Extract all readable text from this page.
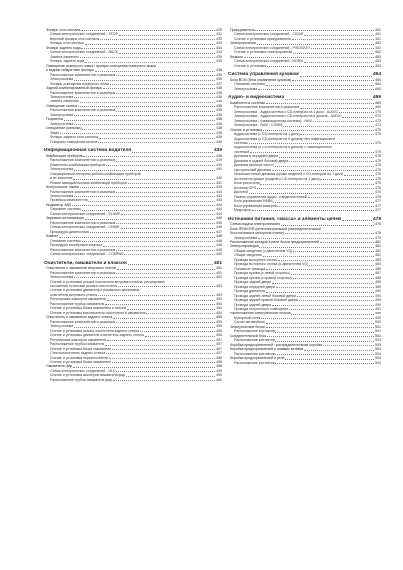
Фонарь стоп-сигнала	429
Схема электрических соединений - STOP	431
Верхний фонарь стоп-сигнала	433
Фонарь стоп-сигнала	433
Фонари заднего хода	434
Схема электрических соединений - BACK	434
Замена лампочек	435
Фонарь заднего хода	435
Освещение номерного знака / фонари освещения номерного знака
и задние габаритные фонари	436
Расположение компонентов и разъемов	436
Электросхема	436
Фонарь освещения номерного знака	437
Задний комбинированный фонарь	438
Расположение компонентов и разъемов	438
Электросхема	438
Замена лампочек	438
Освещение салона	438
Расположение компонентов и разъемов	438
Электросхема	438
Подсветка	438
Электросхема	438
Спецсигнал (мигалка)	438
Фары	438
Фонарь заднего стоп-сигнала	438
Плафоны освещения салона	438
Информационная система водителя	439
Комбинация приборов	439
Расположение компонентов и разъемов	439
Комплекты комбинации приборов	439
Электросхема	440
Операционный алгоритм работы комбинации приборов
и их значение	440
Режим самодиагностики комбинации приборов	441
Контрольные лампы	443
Расположение компонентов и разъемов	443
Электросхема	443
Проверка компонентов	443
Индикатор ABS	444
Описание системы	444
Схема электрических соединений - ELAMP	444
Звуковая сигнализация	445
Расположение компонентов и разъемов	445
Схема электрических соединений - CHIME	446
Процедура диагностики	447
Компас	448
Описание системы	448
Процедура калибровки компаса	448
Расположение компонентов и разъемов	448
Схема электрических соединений - COMPAS	449
Очистители, омыватели и клаксон	451
Очистители и омыватели ветрового стекла	451
Расположение компонентов и разъемов	451
Электросхема	452
Снятие и установка рычага очистителя ветрового стекла, регулировка
положения остановки рычага очистителя	453
Снятие и установка двигателя и рычажного механизма
очистителя ветрового стекла	453
Регулировка жиклеров омывателя	453
Расположение трубок омывателя	454
Снятие и установка бачка омывателя и насоса	454
Снятие и установка выключателя очистителя и омывателя	454
Очиститель и омыватель заднего стекла	455
Расположение компонентов и разъемов	455
Электросхема	455
Снятие и установка рычага очистителя заднего стекла	456
Снятие и установка двигателя очистителя заднего стекла	456
Регулировка жиклеров омывателя	457
Расположение трубок омывателя	457
Снятие и установка бачка омывателя	457
Стеклоочиститель заднего стекла	457
Снятие и установка переключателя	458
Снятие и установка бачка омывателя	458
Омыватели фар	458
Схема электрических соединений - HLC	459
Снятие и установка жиклеров омывателя фар	459
Расположение трубок омывателя фар	460
Прикуриватель	461
Схема электрических соединений - CIGAR	461
Снятие и установка прикуривателя	461
Электророзетка	462
Схема электрических соединений - P/SOCKET	462
Снятие и установка электророзетки	462
Клаксон	463
Схема электрических соединений - HORN	463
Снятие и установка	463
Система управления кузовом	464
Блок BCM (блок управления кузовом)	464
Описание системы	464
Электросхема	465
Аудио- и видеосистема	469
Компоненты системы	469
Расположение компонентов и разъемов	469
Электросхема - Аудиосистема с CD-плеером на 1 диск - AUDIO	470
Электросхема - Аудиосистема с CD-плеером на 6 дисков - AUDIO	471
Электросхема - (навигационная система) - NAVI	472
Электросхема - NAVI / COMM	473
Снятие и установка	475
Аудиосистема (с CD-плеером на 1 диск)	475
Аудиосистема (с CD-плеером на 6 дисков) без навигационной
системы	475
Аудиосистема (с CD-плеером на 6 дисков) с навигационной
системой	475
Динамик в передней двери	475
Динамик в задней боковой двери	475
Динамик высоких частот	475
Центральный динамик	475
Низкочастотный динамик (кроме моделей с CD-плеером на 1 диск)	476
Антенна на крыше (модели с CD-плеером на 1 диск)	476
Блок усилителя	476
Антенна GPS	476
Дисплей	476
Панель управления аудио- и видеосистемой	476
Блок управления НАВИ	477
Блок управления камерой	477
Микрофон	477
Источники питания, «масса» и элементы цепей	478
Схема подачи электропитания	478
Блок IPDM E/R (интеллектуальный распределительный
блок питания в моторном отсеке)	479
Электросхема	479
Расположение колодок в реле блока предохранителей	481
Электропроводка	481
Общие сведения (с двигателем VQ)	481
Общие сведения	482
Провода моторного отсека	483
Провода моторного отсека (с двигателем VQ)	484
Основные провода	485
Провода кузова (с левой стороны)	487
Провода кузова (с правой стороны)	488
Провода задней двери	489
Провода передней двери	489
Провода двигателя	490
Провода задней левой боковой двери	490
Провода задней правой боковой двери	490
Провода задней двери	490
Провода потолочного освещения	491
Расположение электрических блоков	499
Моторный отсек	499
Салон автомобиля	500
Электрические блоки	501
Расположение контактов	501
Соединительный блок	502
Расположение контактов	503
Коробка предохранителей - распределительная коробка	503
Коробка предохранителей и плавких вставок	504
Расположение контактов	504
Коробка предохранителей и реле	504
Расположение контактов	504
